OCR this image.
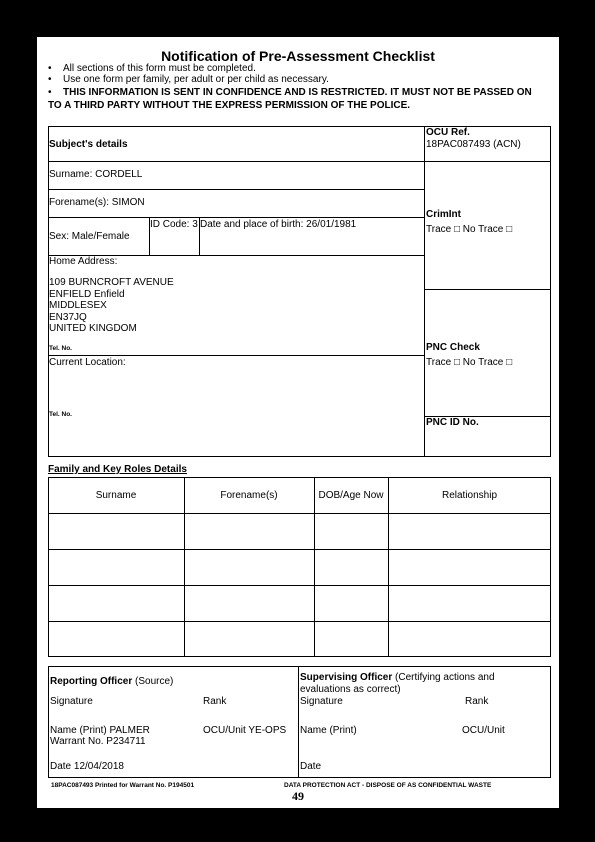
Notification of Pre-Assessment Checklist
• All sections of this form must be completed.
• Use one form per family, per adult or per child as necessary.
• THIS INFORMATION IS SENT IN CONFIDENCE AND IS RESTRICTED. IT MUST NOT BE PASSED ON
TO A THIRD PARTY WITHOUT THE EXPRESS PERMISSION OF THE POLICE.
Subject's details
OCU Ref.
18PAC087493 (ACN)
Surname: CORDELL
Forename(s): SIMON
Sex: Male/Female
ID Code: 3 Date and place of birth: 26/01/1981
Home Address:
109 BURNCROFT AVENUE
ENFIELD Enfield
MIDDLESEX
EN37JQ
UNITED KINGDOM
Tel. No.
Current Location:
Tel. No.
CrimInt
Trace □ No Trace □
PNC Check
Trace □ No Trace □
PNC ID No.
Family and Key Roles Details
Surname	Forename(s)	DOB/Age Now	Relationship
Reporting Officer (Source)
Signature	Rank
Name (Print) PALMER
Warrant No. P234711
OCU/Unit YE-OPS
Date 12/04/2018
Supervising Officer (Certifying actions and
evaluations as correct)
Signature	Rank
Name (Print)	OCU/Unit
Date
18PAC087493 Printed for Warrant No. P194501	DATA PROTECTION ACT - DISPOSE OF AS CONFIDENTIAL WASTE
49
